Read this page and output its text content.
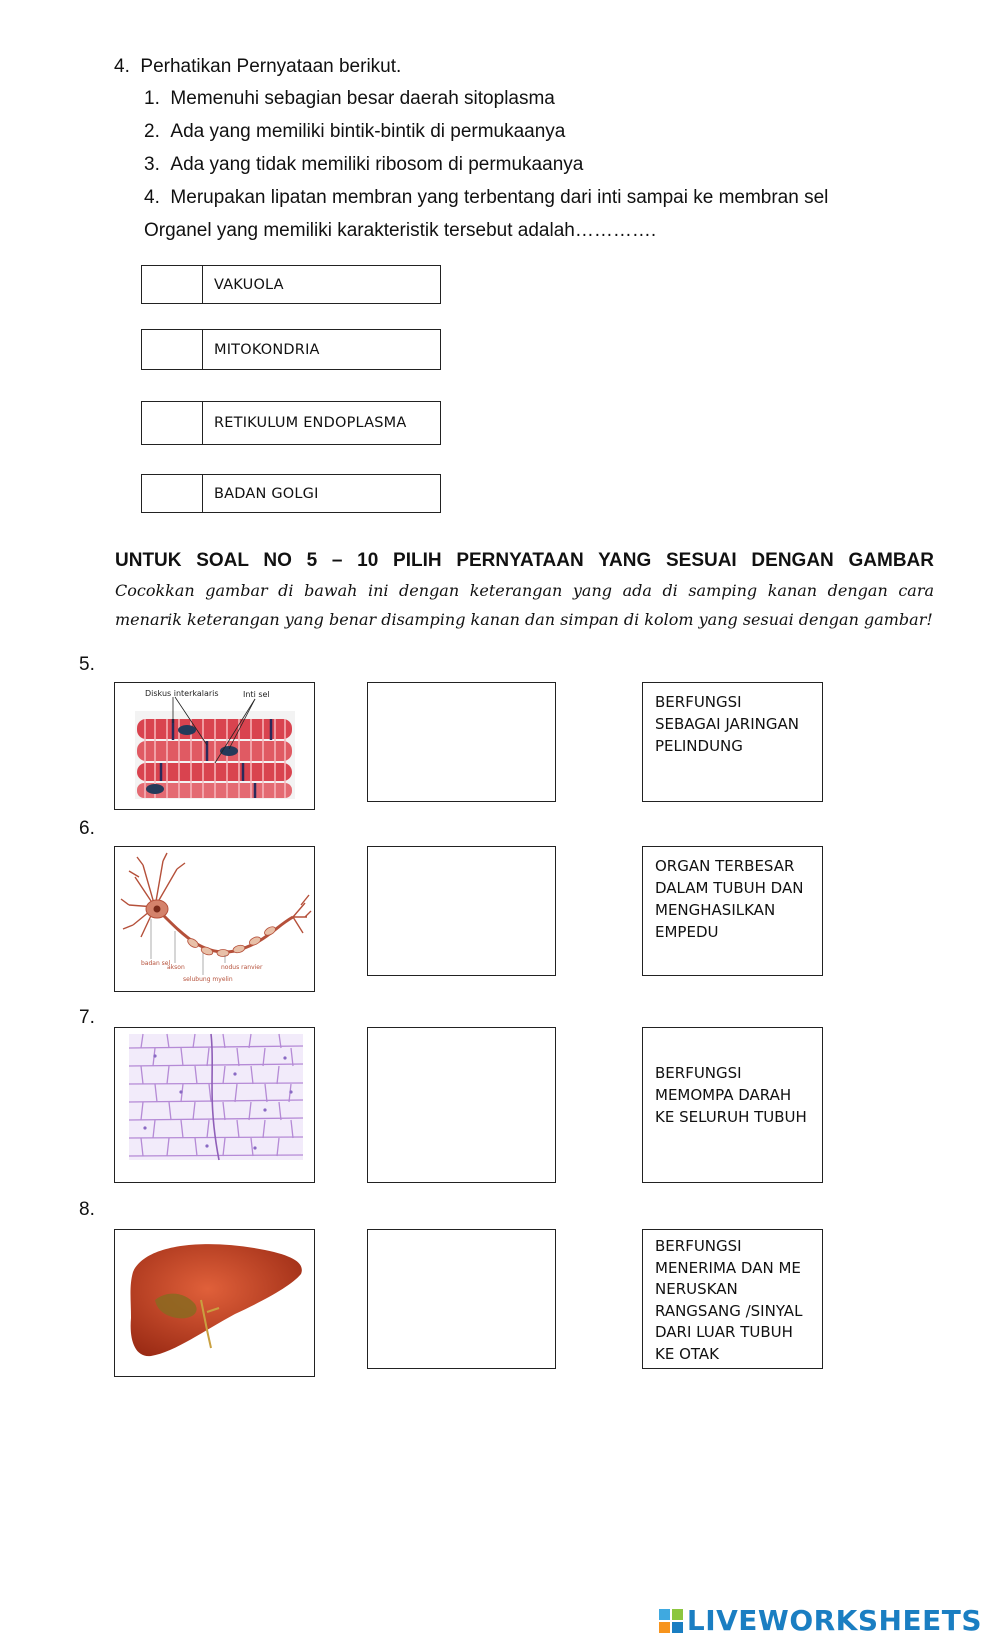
4. Perhatikan Pernyataan berikut.
1. Memenuhi sebagian besar daerah sitoplasma
2. Ada yang memiliki bintik-bintik di permukaanya
3. Ada yang tidak memiliki ribosom di permukaanya
4. Merupakan lipatan membran yang terbentang dari inti sampai ke membran sel
Organel yang memiliki karakteristik tersebut adalah………….
VAKUOLA
MITOKONDRIA
RETIKULUM ENDOPLASMA
BADAN GOLGI
UNTUK SOAL NO 5 – 10 PILIH PERNYATAAN YANG SESUAI DENGAN GAMBAR
Cocokkan gambar di bawah ini dengan keterangan yang ada di samping kanan dengan cara menarik keterangan yang benar disamping kanan dan simpan di kolom yang sesuai dengan gambar!
5.
Diskus interkalaris	Inti sel	BERFUNGSI SEBAGAI JARINGAN PELINDUNG
6.
badan sel
akson	nodus ranvier
selubung myelin
ORGAN TERBESAR DALAM TUBUH DAN MENGHASILKAN EMPEDU
7.
BERFUNGSI MEMOMPA DARAH KE SELURUH TUBUH
8.
BERFUNGSI MENERIMA DAN ME NERUSKAN RANGSANG /SINYAL DARI LUAR TUBUH KE OTAK
LIVEWORKSHEETS
